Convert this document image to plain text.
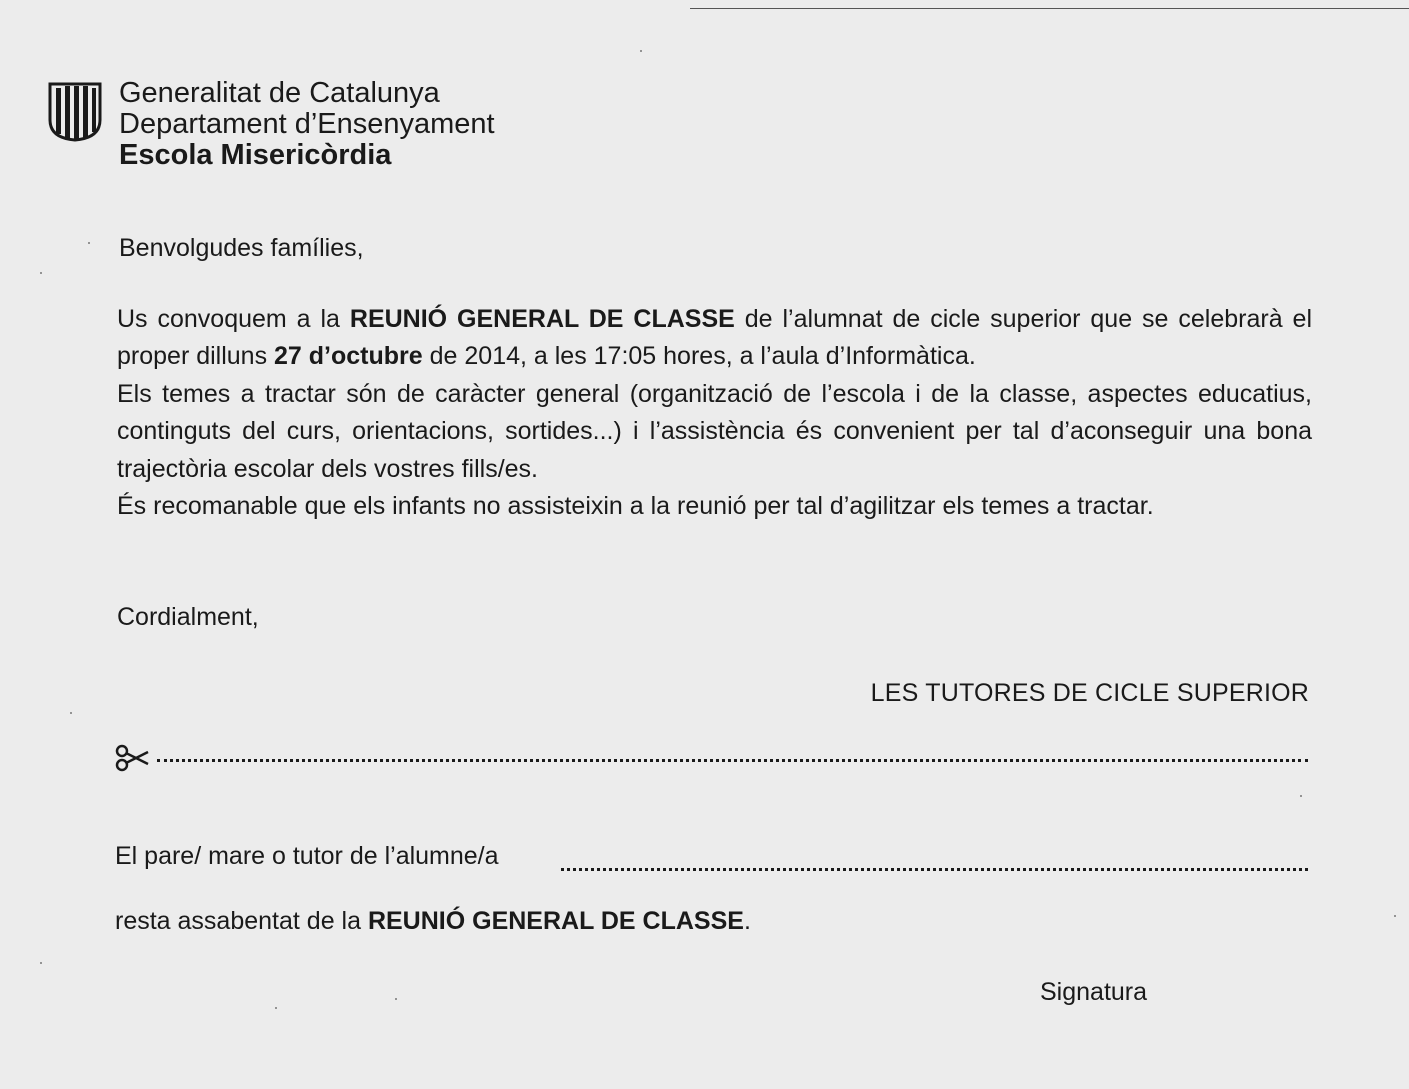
Generalitat de Catalunya
Departament d’Ensenyament
Escola Misericòrdia
Benvolgudes famílies,

Us convoquem a la REUNIÓ GENERAL DE CLASSE de l’alumnat de cicle superior que se celebrarà el proper dilluns 27 d’octubre de 2014, a les 17:05 hores, a l’aula d’Informàtica.

Els temes a tractar són de caràcter general (organització de l’escola i de la classe, aspectes educatius, continguts del curs, orientacions, sortides...) i l’assistència és convenient per tal d’aconseguir una bona trajectòria escolar dels vostres fills/es.

És recomanable que els infants no assisteixin a la reunió per tal d’agilitzar els temes a tractar.

Cordialment,
LES TUTORES DE CICLE SUPERIOR
El pare/ mare o tutor de l’alumne/a
resta assabentat de la REUNIÓ GENERAL DE CLASSE.
Signatura
